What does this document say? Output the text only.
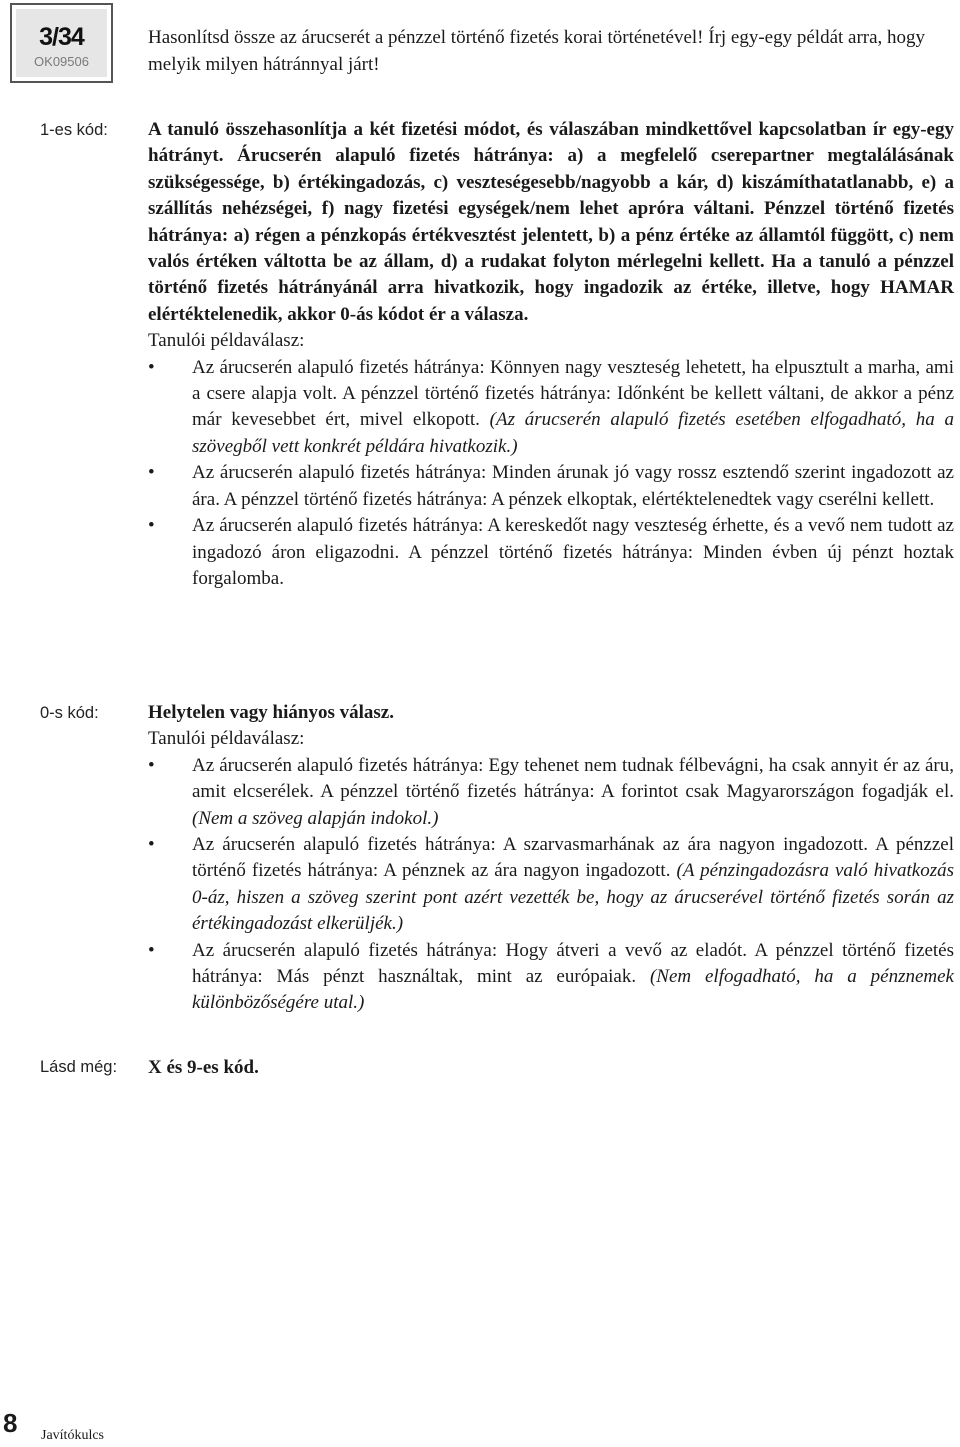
3/34
OK09506
Hasonlítsd össze az árucserét a pénzzel történő fizetés korai történetével! Írj egy-egy példát arra, hogy melyik milyen hátránnyal járt!
1-es kód: A tanuló összehasonlítja a két fizetési módot, és válaszában mindkettővel kapcsolatban ír egy-egy hátrányt. Árucserén alapuló fizetés hátránya: a) a megfelelő cserepartner megtalálásának szükségessége, b) értékingadozás, c) veszteségesebb/nagyobb a kár, d) kiszámíthatatlanabb, e) a szállítás nehézségei, f) nagy fizetési egységek/nem lehet apróra váltani. Pénzzel történő fizetés hátránya: a) régen a pénzkopás értékvesztést jelentett, b) a pénz értéke az államtól függött, c) nem valós értéken váltotta be az állam, d) a rudakat folyton mérlegelni kellett. Ha a tanuló a pénzzel történő fizetés hátrányánál arra hivatkozik, hogy ingadozik az értéke, illetve, hogy HAMAR elértéktelenedik, akkor 0-ás kódot ér a válasza.
Tanulói példaválasz:
• Az árucserén alapuló fizetés hátránya: Könnyen nagy veszteség lehetett, ha elpusztult a marha, ami a csere alapja volt. A pénzzel történő fizetés hátránya: Időnként be kellett váltani, de akkor a pénz már kevesebbet ért, mivel elkopott. (Az árucserén alapuló fizetés esetében elfogadható, ha a szövegből vett konkrét példára hivatkozik.)
• Az árucserén alapuló fizetés hátránya: Minden árunak jó vagy rossz esztendő szerint ingadozott az ára. A pénzzel történő fizetés hátránya: A pénzek elkoptak, elértéktelenedtek vagy cserélni kellett.
• Az árucserén alapuló fizetés hátránya: A kereskedőt nagy veszteség érhette, és a vevő nem tudott az ingadozó áron eligazodni. A pénzzel történő fizetés hátránya: Minden évben új pénzt hoztak forgalomba.
0-s kód:	Helytelen vagy hiányos válasz.
Tanulói példaválasz:
• Az árucserén alapuló fizetés hátránya: Egy tehenet nem tudnak félbevágni, ha csak annyit ér az áru, amit elcserélek. A pénzzel történő fizetés hátránya: A forintot csak Magyarországon fogadják el. (Nem a szöveg alapján indokol.)
• Az árucserén alapuló fizetés hátránya: A szarvasmarhának az ára nagyon ingadozott. A pénzzel történő fizetés hátránya: A pénznek az ára nagyon ingadozott. (A pénzingadozásra való hivatkozás 0-áz, hiszen a szöveg szerint pont azért vezették be, hogy az árucserével történő fizetés során az értékingadozást elkerüljék.)
• Az árucserén alapuló fizetés hátránya: Hogy átveri a vevő az eladót. A pénzzel történő fizetés hátránya: Más pénzt használtak, mint az európaiak. (Nem elfogadható, ha a pénznemek különbözőségére utal.)
Lásd még: X és 9-es kód.
8 Javítókulcs
